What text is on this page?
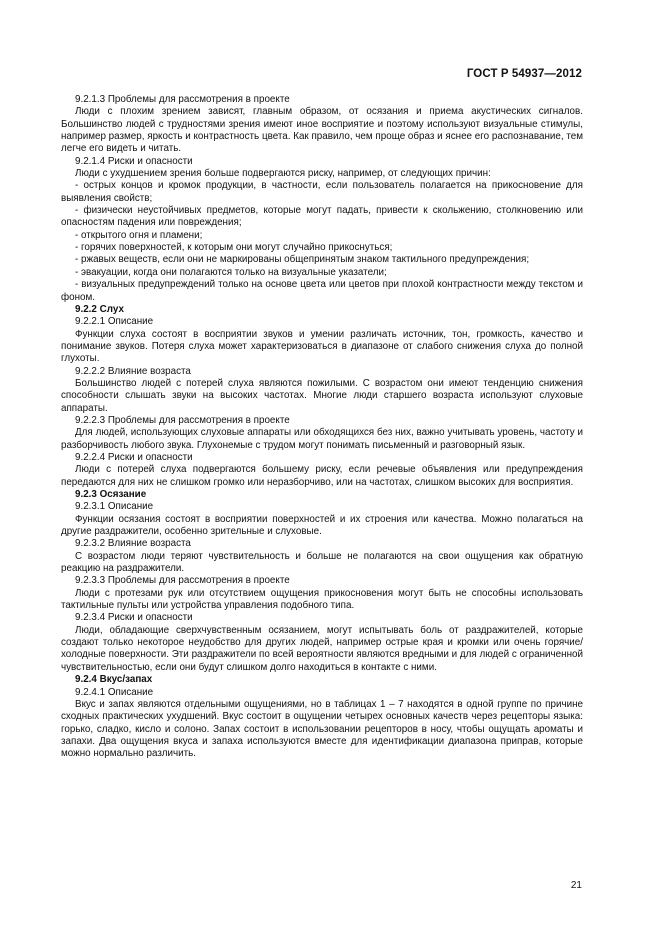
ГОСТ Р 54937—2012
9.2.1.3 Проблемы для рассмотрения в проекте
Люди с плохим зрением зависят, главным образом, от осязания и приема акустических сигналов. Большинство людей с трудностями зрения имеют иное восприятие и поэтому используют визуальные стимулы, например размер, яркость и контрастность цвета. Как правило, чем проще образ и яснее его распознавание, тем легче его видеть и читать.
9.2.1.4 Риски и опасности
Люди с ухудшением зрения больше подвергаются риску, например, от следующих причин:
- острых концов и кромок продукции, в частности, если пользователь полагается на прикосновение для выявления свойств;
- физически неустойчивых предметов, которые могут падать, привести к скольжению, столкновению или опасностям падения или повреждения;
- открытого огня и пламени;
- горячих поверхностей, к которым они могут случайно прикоснуться;
- ржавых веществ, если они не маркированы общепринятым знаком тактильного предупреждения;
- эвакуации, когда они полагаются только на визуальные указатели;
- визуальных предупреждений только на основе цвета или цветов при плохой контрастности между текстом и фоном.
9.2.2 Слух
9.2.2.1 Описание
Функции слуха состоят в восприятии звуков и умении различать источник, тон, громкость, качество и понимание звуков. Потеря слуха может характеризоваться в диапазоне от слабого снижения слуха до полной глухоты.
9.2.2.2 Влияние возраста
Большинство людей с потерей слуха являются пожилыми. С возрастом они имеют тенденцию снижения способности слышать звуки на высоких частотах. Многие люди старшего возраста используют слуховые аппараты.
9.2.2.3 Проблемы для рассмотрения в проекте
Для людей, использующих слуховые аппараты или обходящихся без них, важно учитывать уровень, частоту и разборчивость любого звука. Глухонемые с трудом могут понимать письменный и разговорный язык.
9.2.2.4 Риски и опасности
Люди с потерей слуха подвергаются большему риску, если речевые объявления или предупреждения передаются для них не слишком громко или неразборчиво, или на частотах, слишком высоких для восприятия.
9.2.3 Осязание
9.2.3.1 Описание
Функции осязания состоят в восприятии поверхностей и их строения или качества. Можно полагаться на другие раздражители, особенно зрительные и слуховые.
9.2.3.2 Влияние возраста
С возрастом люди теряют чувствительность и больше не полагаются на свои ощущения как обратную реакцию на раздражители.
9.2.3.3 Проблемы для рассмотрения в проекте
Люди с протезами рук или отсутствием ощущения прикосновения могут быть не способны использовать тактильные пульты или устройства управления подобного типа.
9.2.3.4 Риски и опасности
Люди, обладающие сверхчувственным осязанием, могут испытывать боль от раздражителей, которые создают только некоторое неудобство для других людей, например острые края и кромки или очень горячие/холодные поверхности. Эти раздражители по всей вероятности являются вредными и для людей с ограниченной чувствительностью, если они будут слишком долго находиться в контакте с ними.
9.2.4 Вкус/запах
9.2.4.1 Описание
Вкус и запах являются отдельными ощущениями, но в таблицах 1 – 7 находятся в одной группе по причине сходных практических ухудшений. Вкус состоит в ощущении четырех основных качеств через рецепторы языка: горько, сладко, кисло и солоно. Запах состоит в использовании рецепторов в носу, чтобы ощущать ароматы и запахи. Два ощущения вкуса и запаха используются вместе для идентификации диапазона приправ, которые можно нормально различить.
21
